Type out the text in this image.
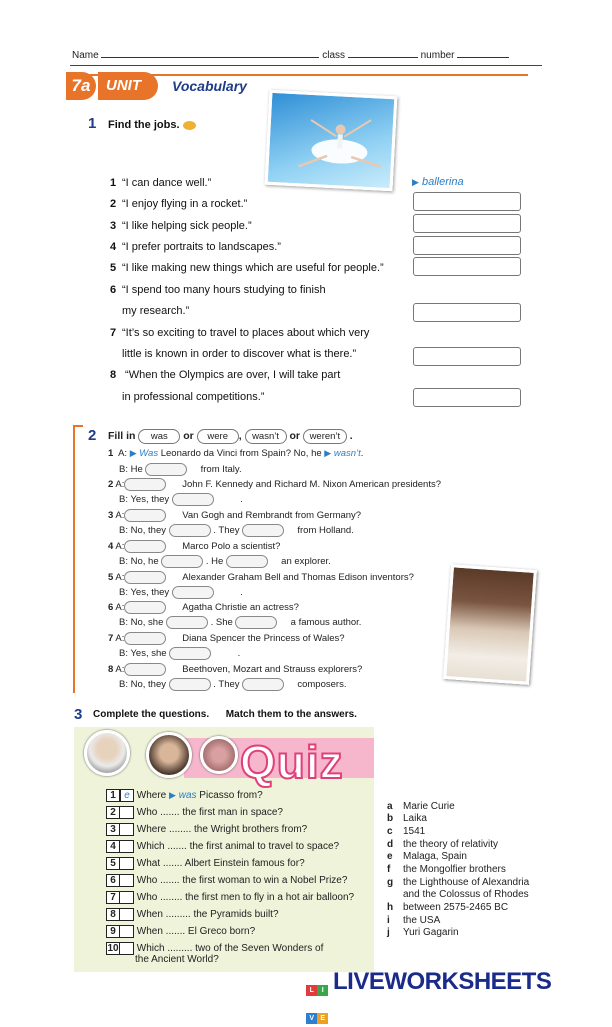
Name	class	number
UNIT
7a	Vocabulary
1 Find the jobs.
1 “I can dance well.”	▶ ballerina
2 “I enjoy flying in a rocket.”
3 “I like helping sick people.”
4 “I prefer portraits to landscapes.”
5 “I like making new things which are useful for people.”
6 “I spend too many hours studying to finish
my research.”
7 “It’s so exciting to travel to places about which very
little is known in order to discover what is there.”
8 “When the Olympics are over, I will take part
in professional competitions.”
2 Fill in was or were , wasn’t or weren’t .
1 A: ▶ Was Leonardo da Vinci from Spain? No, he ▶ wasn’t.
B: He	from Italy.
2 A:	John F. Kennedy and Richard M. Nixon American presidents?
B: Yes, they	.
3 A:	Van Gogh and Rembrandt from Germany?
B: No, they	. They	from Holland.
4 A:	Marco Polo a scientist?
B: No, he	. He	an explorer.
5 A:	Alexander Graham Bell and Thomas Edison inventors?
B: Yes, they	.
6 A:	Agatha Christie an actress?
B: No, she	. She	a famous author.
7 A:	Diana Spencer the Princess of Wales?
B: Yes, she	.
8 A:	Beethoven, Mozart and Strauss explorers?
B: No, they	. They	composers.
3 Complete the questions. Match them to the answers.
Quiz
1 e Where ▶ was Picasso from?
2 Who ....... the first man in space?
3 Where ........ the Wright brothers from?
4 Which ....... the first animal to travel to space?
5 What ....... Albert Einstein famous for?
6 Who ....... the first woman to win a Nobel Prize?
7 Who ........ the first men to fly in a hot air balloon?
8 When ......... the Pyramids built?
9 When ....... El Greco born?
10 Which ......... two of the Seven Wonders of
the Ancient World?
a Marie Curie
b Laika
c 1541
d the theory of relativity
e Malaga, Spain
f the Mongolfier brothers
g the Lighthouse of Alexandria
and the Colossus of Rhodes
h between 2575-2465 BC
i the USA
j Yuri Gagarin
L I
V ELIVEWORKSHEETS
